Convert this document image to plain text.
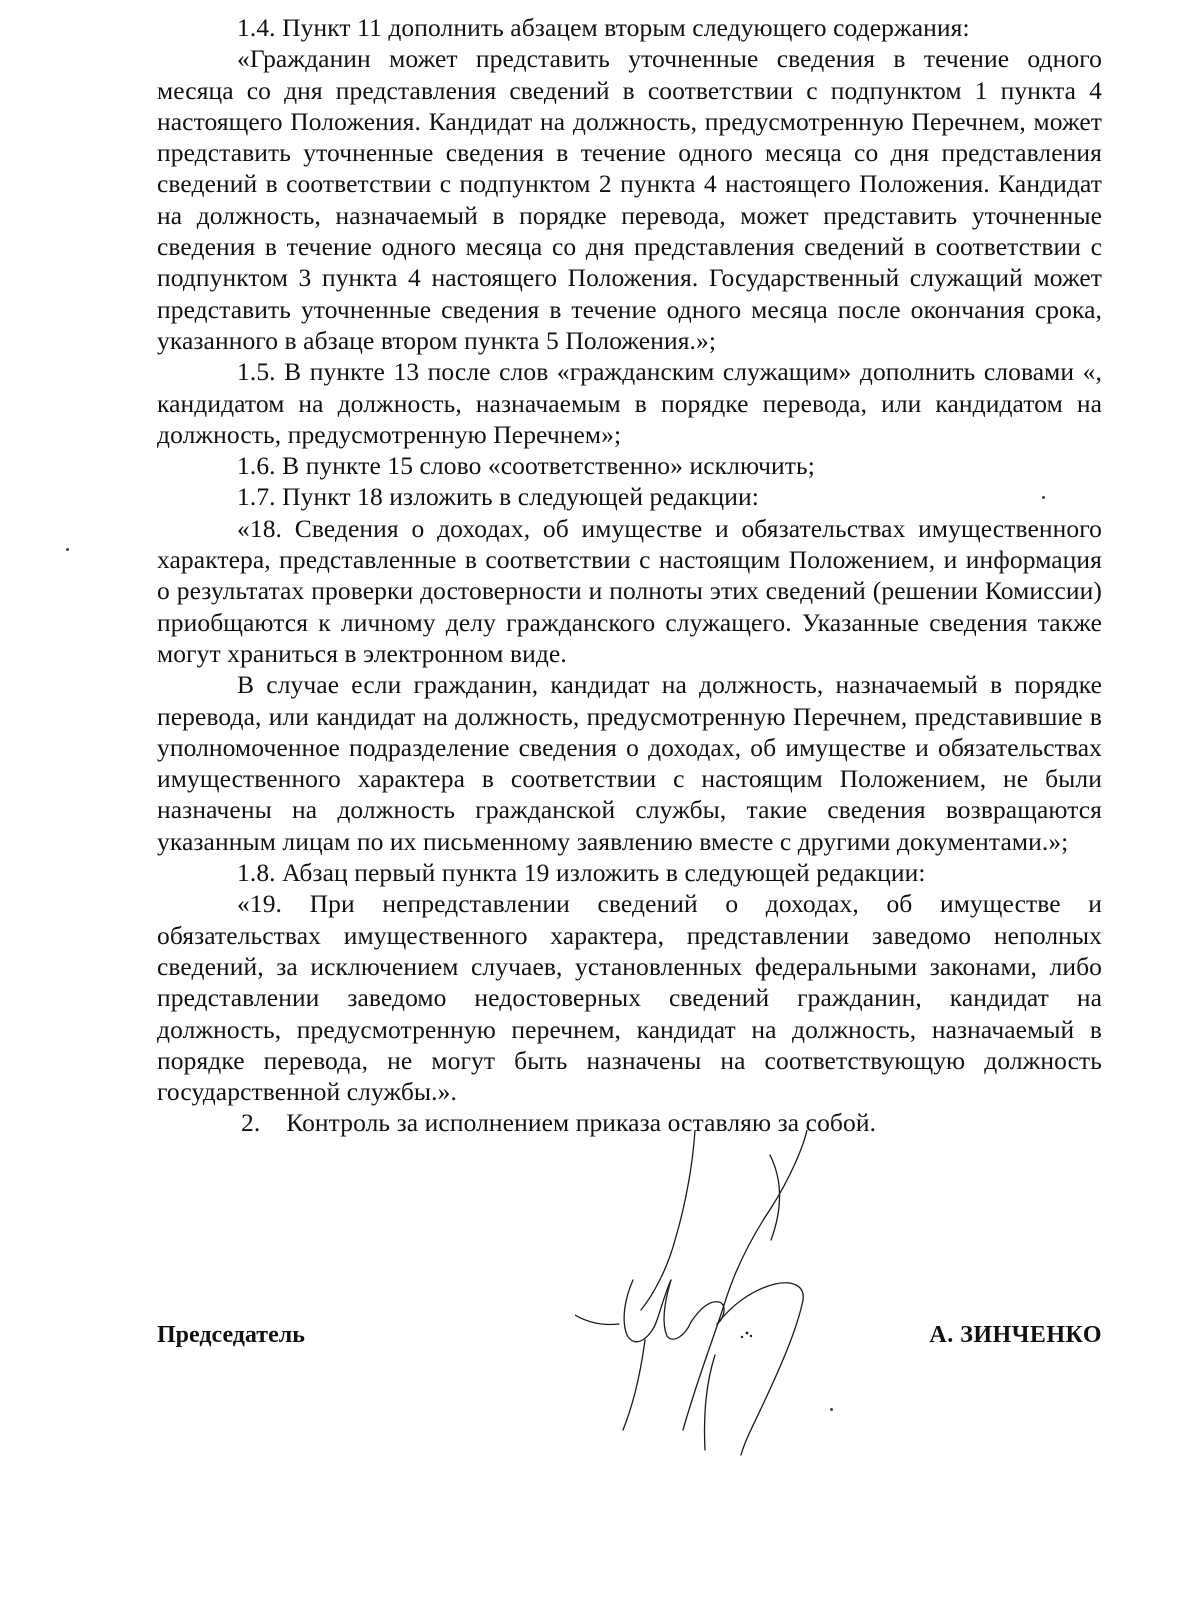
1.4. Пункт 11 дополнить абзацем вторым следующего содержания:

«Гражданин может представить уточненные сведения в течение одного месяца со дня представления сведений в соответствии с подпунктом 1 пункта 4 настоящего Положения. Кандидат на должность, предусмотренную Перечнем, может представить уточненные сведения в течение одного месяца со дня представления сведений в соответствии с подпунктом 2 пункта 4 настоящего Положения. Кандидат на должность, назначаемый в порядке перевода, может представить уточненные сведения в течение одного месяца со дня представления сведений в соответствии с подпунктом 3 пункта 4 настоящего Положения. Государственный служащий может представить уточненные сведения в течение одного месяца после окончания срока, указанного в абзаце втором пункта 5 Положения.»;

1.5. В пункте 13 после слов «гражданским служащим» дополнить словами «, кандидатом на должность, назначаемым в порядке перевода, или кандидатом на должность, предусмотренную Перечнем»;

1.6. В пункте 15 слово «соответственно» исключить;

1.7. Пункт 18 изложить в следующей редакции:

«18. Сведения о доходах, об имуществе и обязательствах имущественного характера, представленные в соответствии с настоящим Положением, и информация о результатах проверки достоверности и полноты этих сведений (решении Комиссии) приобщаются к личному делу гражданского служащего. Указанные сведения также могут храниться в электронном виде.

В случае если гражданин, кандидат на должность, назначаемый в порядке перевода, или кандидат на должность, предусмотренную Перечнем, представившие в уполномоченное подразделение сведения о доходах, об имуществе и обязательствах имущественного характера в соответствии с настоящим Положением, не были назначены на должность гражданской службы, такие сведения возвращаются указанным лицам по их письменному заявлению вместе с другими документами.»;

1.8. Абзац первый пункта 19 изложить в следующей редакции:

«19. При непредставлении сведений о доходах, об имуществе и обязательствах имущественного характера, представлении заведомо неполных сведений, за исключением случаев, установленных федеральными законами, либо представлении заведомо недостоверных сведений гражданин, кандидат на должность, предусмотренную перечнем, кандидат на должность, назначаемый в порядке перевода, не могут быть назначены на соответствующую должность государственной службы.».

2.    Контроль за исполнением приказа оставляю за собой.

Председатель	А. ЗИНЧЕНКО
